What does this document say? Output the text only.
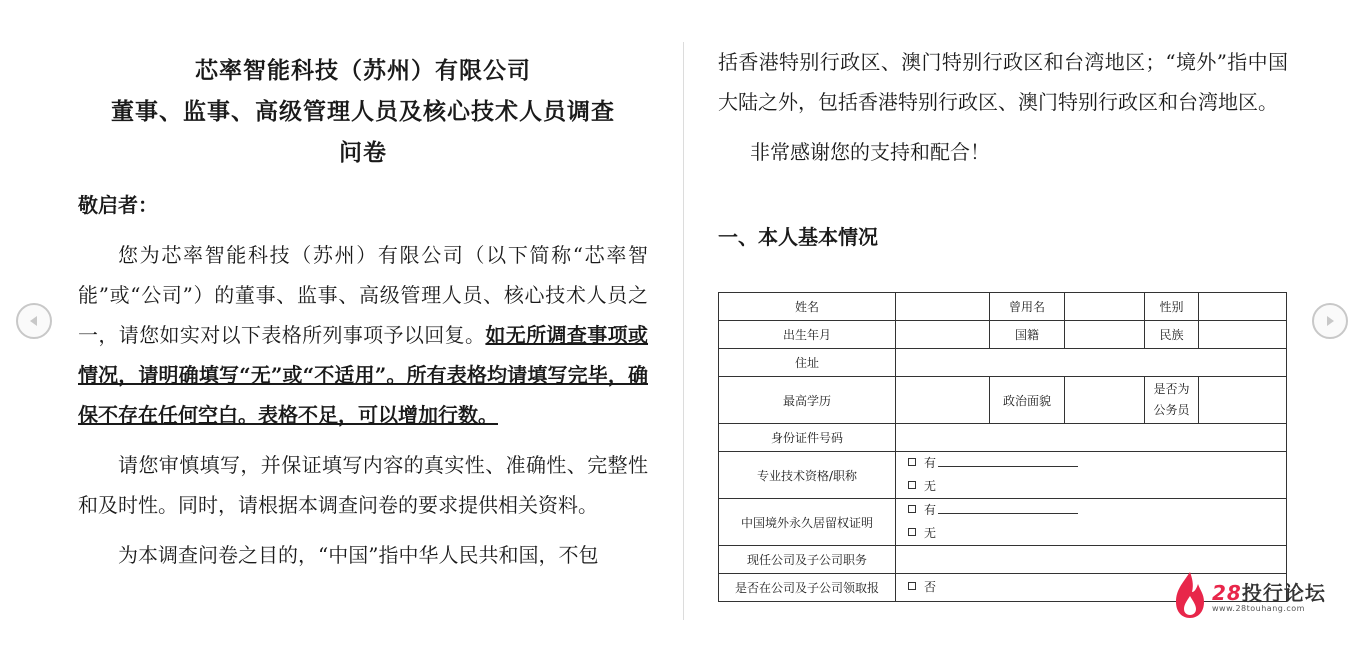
芯率智能科技（苏州）有限公司
董事、监事、高级管理人员及核心技术人员调查
问卷
敬启者：
您为芯率智能科技（苏州）有限公司（以下简称“芯率智能”或“公司”）的董事、监事、高级管理人员、核心技术人员之一，请您如实对以下表格所列事项予以回复。如无所调查事项或情况，请明确填写“无”或“不适用”。所有表格均请填写完毕，确保不存在任何空白。表格不足，可以增加行数。
请您审慎填写，并保证填写内容的真实性、准确性、完整性和及时性。同时，请根据本调查问卷的要求提供相关资料。
为本调查问卷之目的，“中国”指中华人民共和国，不包
括香港特别行政区、澳门特别行政区和台湾地区；“境外”指中国大陆之外，包括香港特别行政区、澳门特别行政区和台湾地区。
非常感谢您的支持和配合！
一、本人基本情况
姓名		曾用名		性别	
出生年月		国籍		民族	
住址					
最高学历		政治面貌		是否为公务员	
身份证件号码					
专业技术资格/职称	有
无				

中国境外永久居留权证明	有
无				

现任公司及子公司职务					
是否在公司及子公司领取报	否					28投行论坛
www.28touhang.com
